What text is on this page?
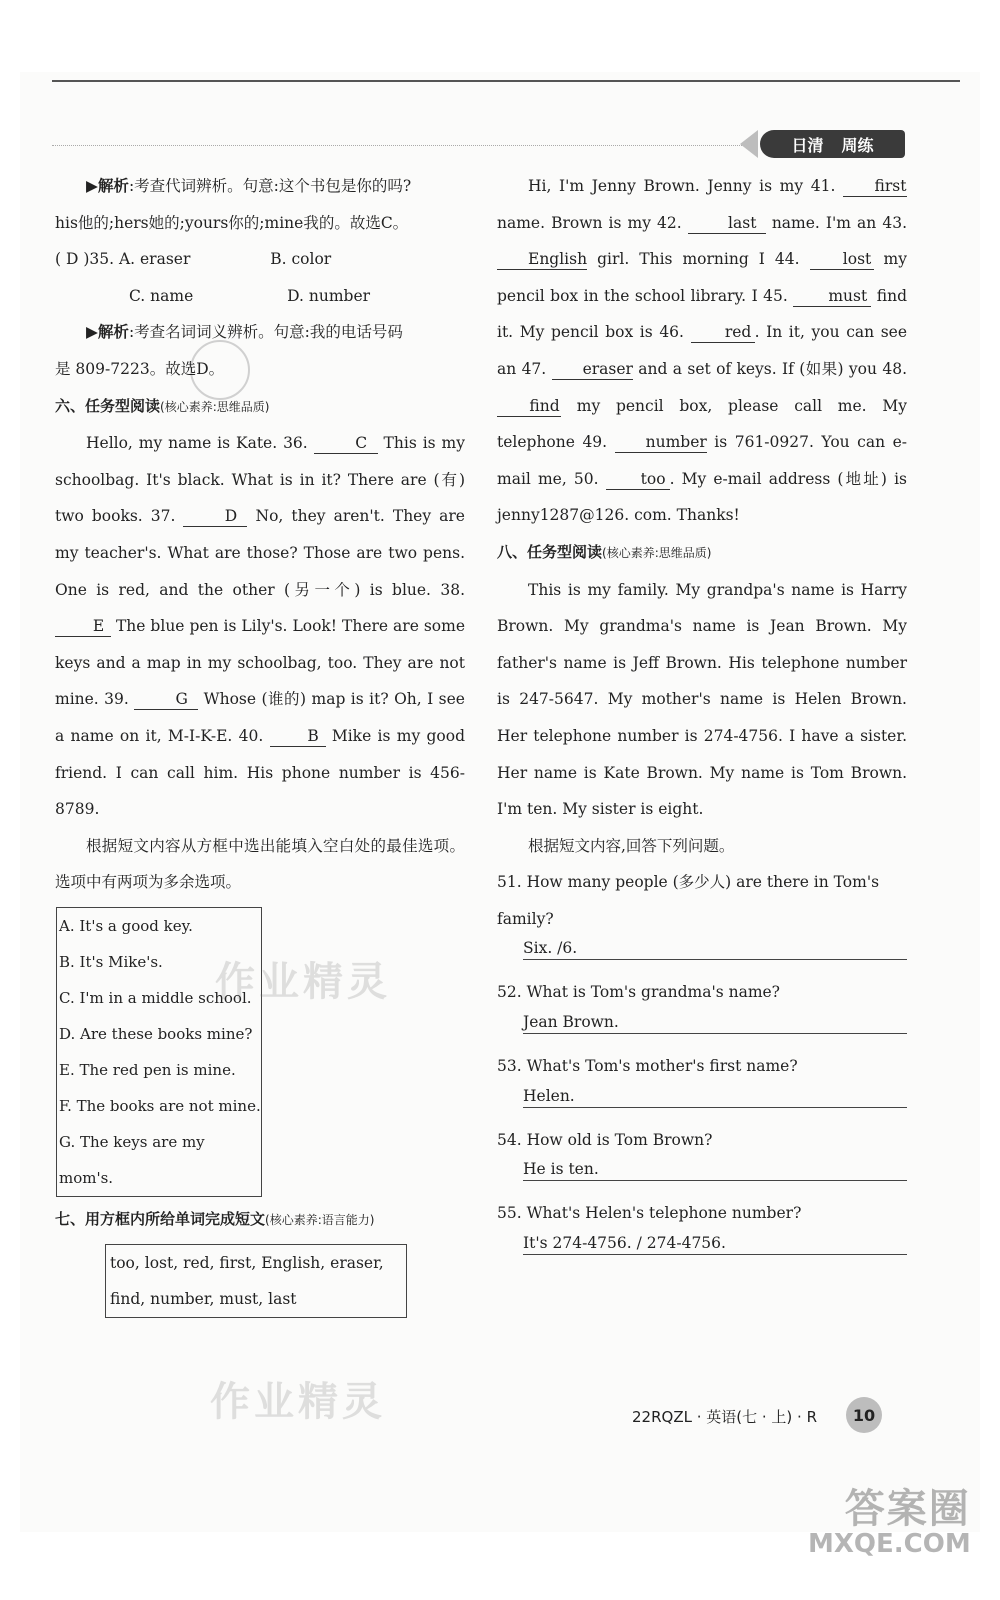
日清 周练

▶解析:考查代词辨析。句意:这个书包是你的吗?

his他的;hers她的;yours你的;mine我的。故选C。

( D )35. A. eraser	B. color

C. name	D. number

▶解析:考查名词词义辨析。句意:我的电话号码

是 809-7223。故选D。

六、任务型阅读(核心素养:思维品质)

Hello, my name is Kate. 36.	C This is my schoolbag. It's black. What is in it? There are (有) two books. 37.	D No, they aren't. They are my teacher's. What are those? Those are two pens. One is red, and the other (另一个) is blue. 38. E The blue pen is Lily's. Look! There are some keys and a map in my schoolbag, too. They are not mine. 39.	G Whose (谁的) map is it? Oh, I see a name on it, M-I-K-E. 40. B Mike is my good friend. I can call him. His phone number is 456-8789.

根据短文内容从方框中选出能填入空白处的最佳选项。选项中有两项为多余选项。

A. It's a good key.
B. It's Mike's.
C. I'm in a middle school.
D. Are these books mine?
E. The red pen is mine.
F. The books are not mine.
G. The keys are my mom's.

七、用方框内所给单词完成短文(核心素养:语言能力)

too, lost, red, first, English, eraser,
find, number, must, last

Hi, I'm Jenny Brown. Jenny is my 41. first name. Brown is my 42.	last name. I'm an 43. English girl. This morning I 44. lost my pencil box in the school library. I 45. must find it. My pencil box is 46. red . In it, you can see an 47. eraser and a set of keys. If (如果) you 48. find my pencil box, please call me. My telephone 49. number is 761-0927. You can e-mail me, 50. too . My e-mail address (地址) is jenny1287@126. com. Thanks!

八、任务型阅读(核心素养:思维品质)

This is my family. My grandpa's name is Harry Brown. My grandma's name is Jean Brown. My father's name is Jeff Brown. His telephone number is 247-5647. My mother's name is Helen Brown. Her telephone number is 274-4756. I have a sister. Her name is Kate Brown. My name is Tom Brown. I'm ten. My sister is eight.

根据短文内容,回答下列问题。

51. How many people (多少人) are there in Tom's family?

Six. /6.

52. What is Tom's grandma's name?

Jean Brown.

53. What's Tom's mother's first name?

Helen.

54. How old is Tom Brown?

He is ten.

55. What's Helen's telephone number?

It's 274-4756. / 274-4756.
作业精灵
作业精灵	22RQZL · 英语(七 · 上) · R	10
答案圈
MXQE.COM
